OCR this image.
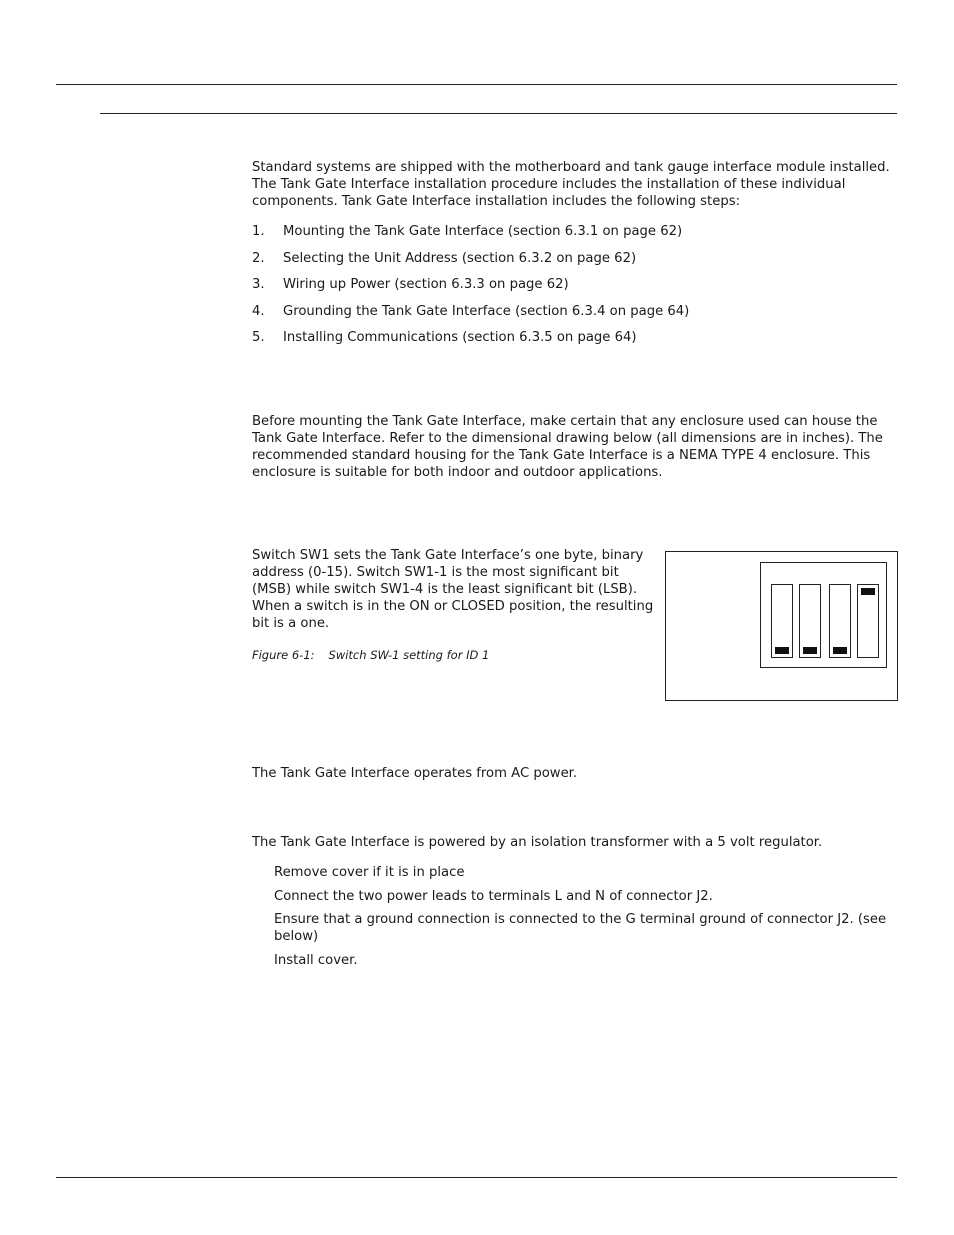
Standard systems are shipped with the motherboard and tank gauge interface module installed. The Tank Gate Interface installation procedure includes the installation of these individual components. Tank Gate Interface installation includes the following steps:

1. Mounting the Tank Gate Interface (section 6.3.1 on page 62)
2. Selecting the Unit Address (section 6.3.2 on page 62)
3. Wiring up Power (section 6.3.3 on page 62)
4. Grounding the Tank Gate Interface (section 6.3.4 on page 64)
5. Installing Communications (section 6.3.5 on page 64)

Before mounting the Tank Gate Interface, make certain that any enclosure used can house the Tank Gate Interface. Refer to the dimensional drawing below (all dimensions are in inches). The recommended standard housing for the Tank Gate Interface is a NEMA TYPE 4 enclosure. This enclosure is suitable for both indoor and outdoor applications.

Switch SW1 sets the Tank Gate Interface’s one byte, binary address (0-15). Switch SW1-1 is the most significant bit (MSB) while switch SW1-4 is the least significant bit (LSB). When a switch is in the ON or CLOSED position, the resulting bit is a one.

Figure 6-1: Switch SW-1 setting for ID 1

The Tank Gate Interface operates from AC power.

The Tank Gate Interface is powered by an isolation transformer with a 5 volt regulator.

Remove cover if it is in place
Connect the two power leads to terminals L and N of connector J2.
Ensure that a ground connection is connected to the G terminal ground of connector J2. (see below)
Install cover.
